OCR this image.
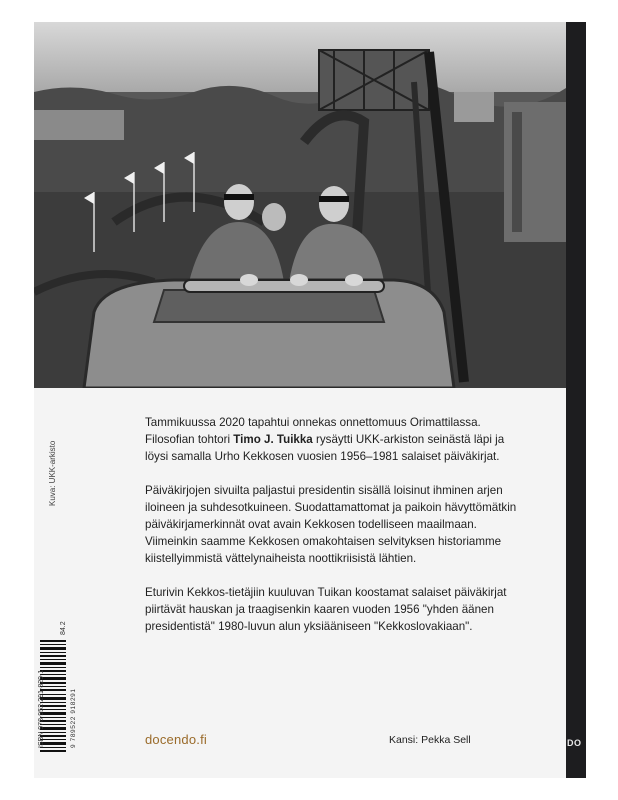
DO
Kuva: UKK-arkisto

Tammikuussa 2020 tapahtui onnekas onnettomuus Orimattilassa. Filosofian tohtori Timo J. Tuikka rysäytti UKK-arkiston seinästä läpi ja löysi samalla Urho Kekkosen vuosien 1956–1981 salaiset päiväkirjat.

Päiväkirjojen sivuilta paljastui presidentin sisällä loisinut ihminen arjen iloineen ja suhdesotkuineen. Suodattamattomat ja paikoin hävyttömätkin päiväkirjamerkinnät ovat avain Kekkosen todelliseen maailmaan. Viimeinkin saamme Kekkosen omakohtaisen selvityksen historiamme kiistellyimmistä vättelynaiheista noottikriisistä lähtien.

Eturivin Kekkos-tietäjiin kuuluvan Tuikan koostamat salaiset päiväkirjat piirtävät hauskan ja traagisenkin kaaren vuoden 1956 "yhden äänen presidentistä" 1980-luvun alun yksiääniseen "Kekkoslovakiaan".

84.2
ISBN 978-952-291-829-1	9 789522 918291	docendo.fi	Kansi: Pekka Sell
